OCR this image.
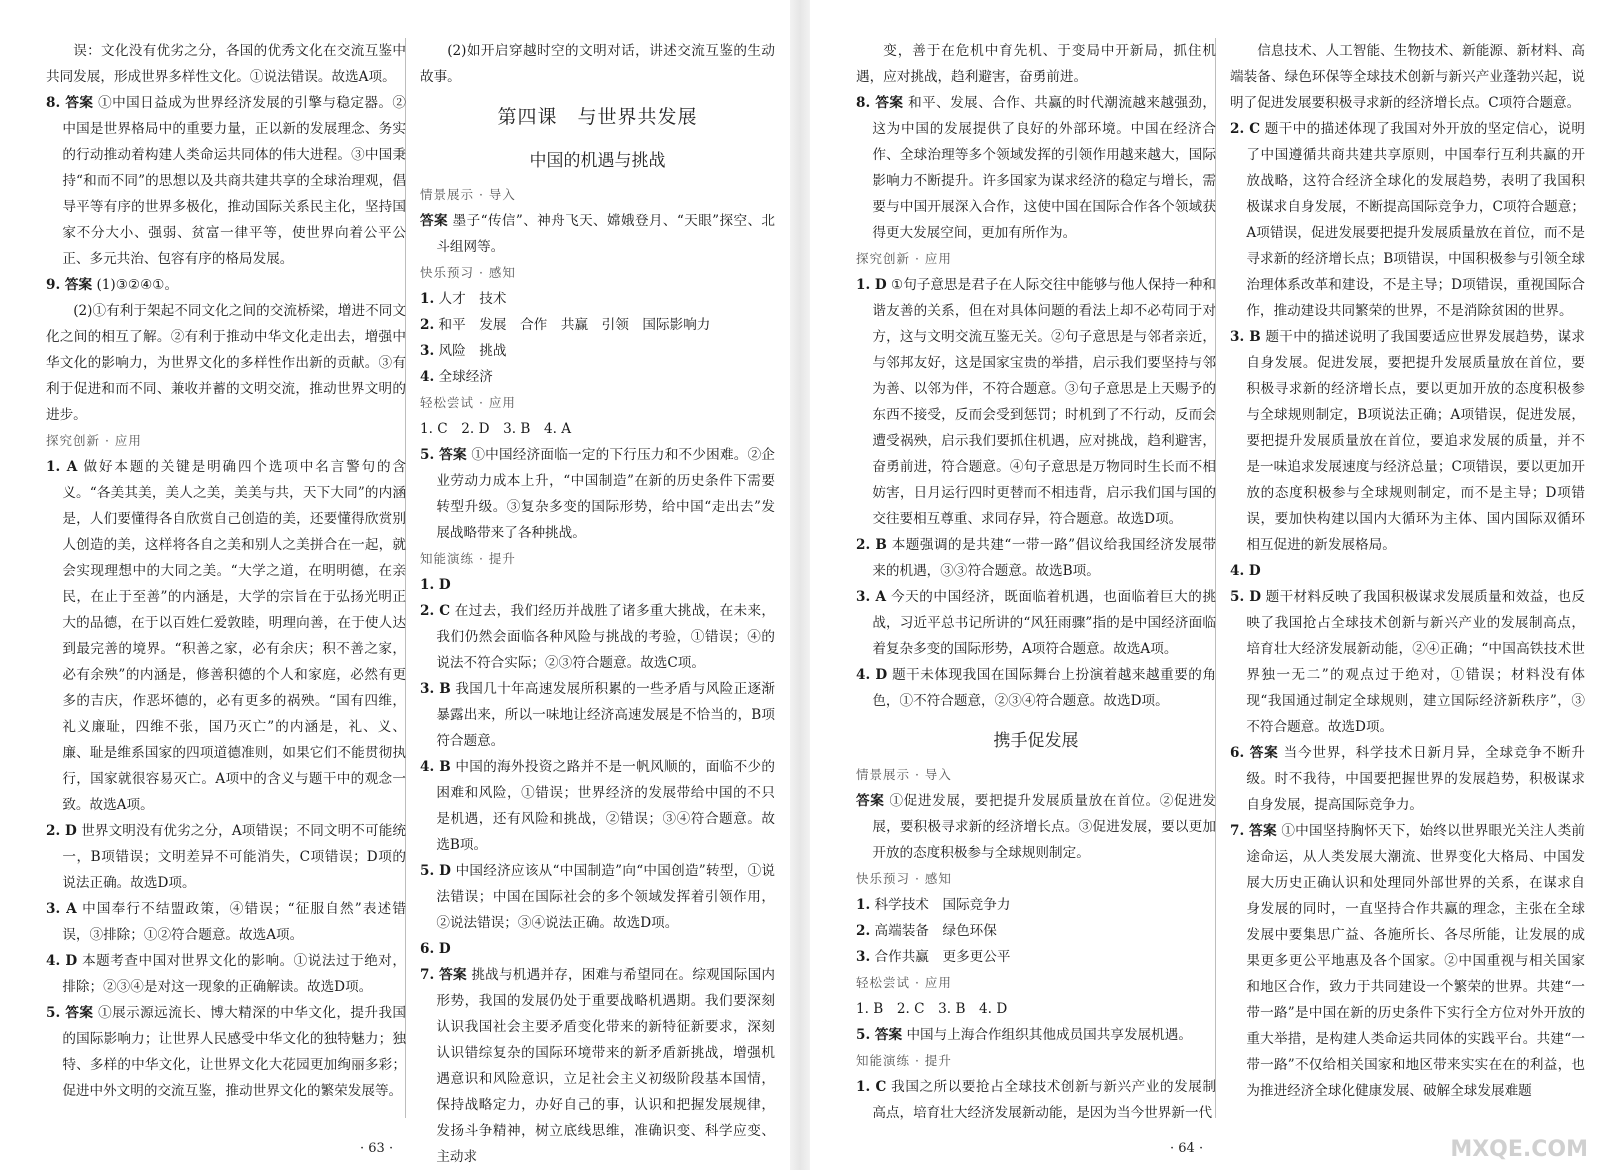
误：文化没有优劣之分，各国的优秀文化在交流互鉴中共同发展，形成世界多样性文化。①说法错误。故选A项。

8. 答案 ①中国日益成为世界经济发展的引擎与稳定器。②中国是世界格局中的重要力量，正以新的发展理念、务实的行动推动着构建人类命运共同体的伟大进程。③中国秉持“和而不同”的思想以及共商共建共享的全球治理观，倡导平等有序的世界多极化，推动国际关系民主化，坚持国家不分大小、强弱、贫富一律平等，使世界向着公平公正、多元共治、包容有序的格局发展。

9. 答案 (1)③②④①。

(2)①有利于架起不同文化之间的交流桥梁，增进不同文化之间的相互了解。②有利于推动中华文化走出去，增强中华文化的影响力，为世界文化的多样性作出新的贡献。③有利于促进和而不同、兼收并蓄的文明交流，推动世界文明的进步。

探究创新 · 应用

1. A 做好本题的关键是明确四个选项中名言警句的含义。“各美其美，美人之美，美美与共，天下大同”的内涵是，人们要懂得各自欣赏自己创造的美，还要懂得欣赏别人创造的美，这样将各自之美和别人之美拼合在一起，就会实现理想中的大同之美。“大学之道，在明明德，在亲民，在止于至善”的内涵是，大学的宗旨在于弘扬光明正大的品德，在于以百姓仁爱敦睦，明理向善，在于使人达到最完善的境界。“积善之家，必有余庆；积不善之家，必有余殃”的内涵是，修善积德的个人和家庭，必然有更多的吉庆，作恶坏德的，必有更多的祸殃。“国有四维，礼义廉耻，四维不张，国乃灭亡”的内涵是，礼、义、廉、耻是维系国家的四项道德准则，如果它们不能贯彻执行，国家就很容易灭亡。A项中的含义与题干中的观念一致。故选A项。

2. D 世界文明没有优劣之分，A项错误；不同文明不可能统一，B项错误；文明差异不可能消失，C项错误；D项的说法正确。故选D项。

3. A 中国奉行不结盟政策，④错误；“征服自然”表述错误，③排除；①②符合题意。故选A项。

4. D 本题考查中国对世界文化的影响。①说法过于绝对，排除；②③④是对这一现象的正确解读。故选D项。

5. 答案 ①展示源远流长、博大精深的中华文化，提升我国的国际影响力；让世界人民感受中华文化的独特魅力；独特、多样的中华文化，让世界文化大花园更加绚丽多彩；促进中外文明的交流互鉴，推动世界文化的繁荣发展等。

(2)如开启穿越时空的文明对话，讲述交流互鉴的生动故事。

第四课　与世界共发展

中国的机遇与挑战

情景展示 · 导入

答案 墨子“传信”、神舟飞天、嫦娥登月、“天眼”探空、北斗组网等。

快乐预习 · 感知

1. 人才　技术

2. 和平　发展　合作　共赢　引领　国际影响力

3. 风险　挑战

4. 全球经济

轻松尝试 · 应用

1. C　2. D　3. B　4. A

5. 答案 ①中国经济面临一定的下行压力和不少困难。②企业劳动力成本上升，“中国制造”在新的历史条件下需要转型升级。③复杂多变的国际形势，给中国“走出去”发展战略带来了各种挑战。

知能演练 · 提升

1. D

2. C 在过去，我们经历并战胜了诸多重大挑战，在未来，我们仍然会面临各种风险与挑战的考验，①错误；④的说法不符合实际；②③符合题意。故选C项。

3. B 我国几十年高速发展所积累的一些矛盾与风险正逐渐暴露出来，所以一味地让经济高速发展是不恰当的，B项符合题意。

4. B 中国的海外投资之路并不是一帆风顺的，面临不少的困难和风险，①错误；世界经济的发展带给中国的不只是机遇，还有风险和挑战，②错误；③④符合题意。故选B项。

5. D 中国经济应该从“中国制造”向“中国创造”转型，①说法错误；中国在国际社会的多个领域发挥着引领作用，②说法错误；③④说法正确。故选D项。

6. D

7. 答案 挑战与机遇并存，困难与希望同在。综观国际国内形势，我国的发展仍处于重要战略机遇期。我们要深刻认识我国社会主要矛盾变化带来的新特征新要求，深刻认识错综复杂的国际环境带来的新矛盾新挑战，增强机遇意识和风险意识，立足社会主义初级阶段基本国情，保持战略定力，办好自己的事，认识和把握发展规律，发扬斗争精神，树立底线思维，准确识变、科学应变、主动求

· 63 ·

变，善于在危机中育先机、于变局中开新局，抓住机遇，应对挑战，趋利避害，奋勇前进。

8. 答案 和平、发展、合作、共赢的时代潮流越来越强劲，这为中国的发展提供了良好的外部环境。中国在经济合作、全球治理等多个领域发挥的引领作用越来越大，国际影响力不断提升。许多国家为谋求经济的稳定与增长，需要与中国开展深入合作，这使中国在国际合作各个领域获得更大发展空间，更加有所作为。

探究创新 · 应用

1. D ①句子意思是君子在人际交往中能够与他人保持一种和谐友善的关系，但在对具体问题的看法上却不必苟同于对方，这与文明交流互鉴无关。②句子意思是与邻者亲近，与邻邦友好，这是国家宝贵的举措，启示我们要坚持与邻为善、以邻为伴，不符合题意。③句子意思是上天赐予的东西不接受，反而会受到惩罚；时机到了不行动，反而会遭受祸殃，启示我们要抓住机遇，应对挑战，趋利避害，奋勇前进，符合题意。④句子意思是万物同时生长而不相妨害，日月运行四时更替而不相违背，启示我们国与国的交往要相互尊重、求同存异，符合题意。故选D项。

2. B 本题强调的是共建“一带一路”倡议给我国经济发展带来的机遇，③③符合题意。故选B项。

3. A 今天的中国经济，既面临着机遇，也面临着巨大的挑战，习近平总书记所讲的“风狂雨骤”指的是中国经济面临着复杂多变的国际形势，A项符合题意。故选A项。

4. D 题干未体现我国在国际舞台上扮演着越来越重要的角色，①不符合题意，②③④符合题意。故选D项。

携手促发展

情景展示 · 导入

答案 ①促进发展，要把提升发展质量放在首位。②促进发展，要积极寻求新的经济增长点。③促进发展，要以更加开放的态度积极参与全球规则制定。

快乐预习 · 感知

1. 科学技术　国际竞争力

2. 高端装备　绿色环保

3. 合作共赢　更多更公平

轻松尝试 · 应用

1. B　2. C　3. B　4. D

5. 答案 中国与上海合作组织其他成员国共享发展机遇。

知能演练 · 提升

1. C 我国之所以要抢占全球技术创新与新兴产业的发展制高点，培育壮大经济发展新动能，是因为当今世界新一代

信息技术、人工智能、生物技术、新能源、新材料、高端装备、绿色环保等全球技术创新与新兴产业蓬勃兴起，说明了促进发展要积极寻求新的经济增长点。C项符合题意。

2. C 题干中的描述体现了我国对外开放的坚定信心，说明了中国遵循共商共建共享原则，中国奉行互利共赢的开放战略，这符合经济全球化的发展趋势，表明了我国积极谋求自身发展，不断提高国际竞争力，C项符合题意；A项错误，促进发展要把提升发展质量放在首位，而不是寻求新的经济增长点；B项错误，中国积极参与引领全球治理体系改革和建设，不是主导；D项错误，重视国际合作，推动建设共同繁荣的世界，不是消除贫困的世界。

3. B 题干中的描述说明了我国要适应世界发展趋势，谋求自身发展。促进发展，要把提升发展质量放在首位，要积极寻求新的经济增长点，要以更加开放的态度积极参与全球规则制定，B项说法正确；A项错误，促进发展，要把提升发展质量放在首位，要追求发展的质量，并不是一味追求发展速度与经济总量；C项错误，要以更加开放的态度积极参与全球规则制定，而不是主导；D项错误，要加快构建以国内大循环为主体、国内国际双循环相互促进的新发展格局。

4. D

5. D 题干材料反映了我国积极谋求发展质量和效益，也反映了我国抢占全球技术创新与新兴产业的发展制高点，培育壮大经济发展新动能，②④正确；“中国高铁技术世界独一无二”的观点过于绝对，①错误；材料没有体现“我国通过制定全球规则，建立国际经济新秩序”，③不符合题意。故选D项。

6. 答案 当今世界，科学技术日新月异，全球竞争不断升级。时不我待，中国要把握世界的发展趋势，积极谋求自身发展，提高国际竞争力。

7. 答案 ①中国坚持胸怀天下，始终以世界眼光关注人类前途命运，从人类发展大潮流、世界变化大格局、中国发展大历史正确认识和处理同外部世界的关系，在谋求自身发展的同时，一直坚持合作共赢的理念，主张在全球发展中要集思广益、各施所长、各尽所能，让发展的成果更多更公平地惠及各个国家。②中国重视与相关国家和地区合作，致力于共同建设一个繁荣的世界。共建“一带一路”是中国在新的历史条件下实行全方位对外开放的重大举措，是构建人类命运共同体的实践平台。共建“一带一路”不仅给相关国家和地区带来实实在在的利益，也为推进经济全球化健康发展、破解全球发展难题

· 64 ·	MXQE.COM
